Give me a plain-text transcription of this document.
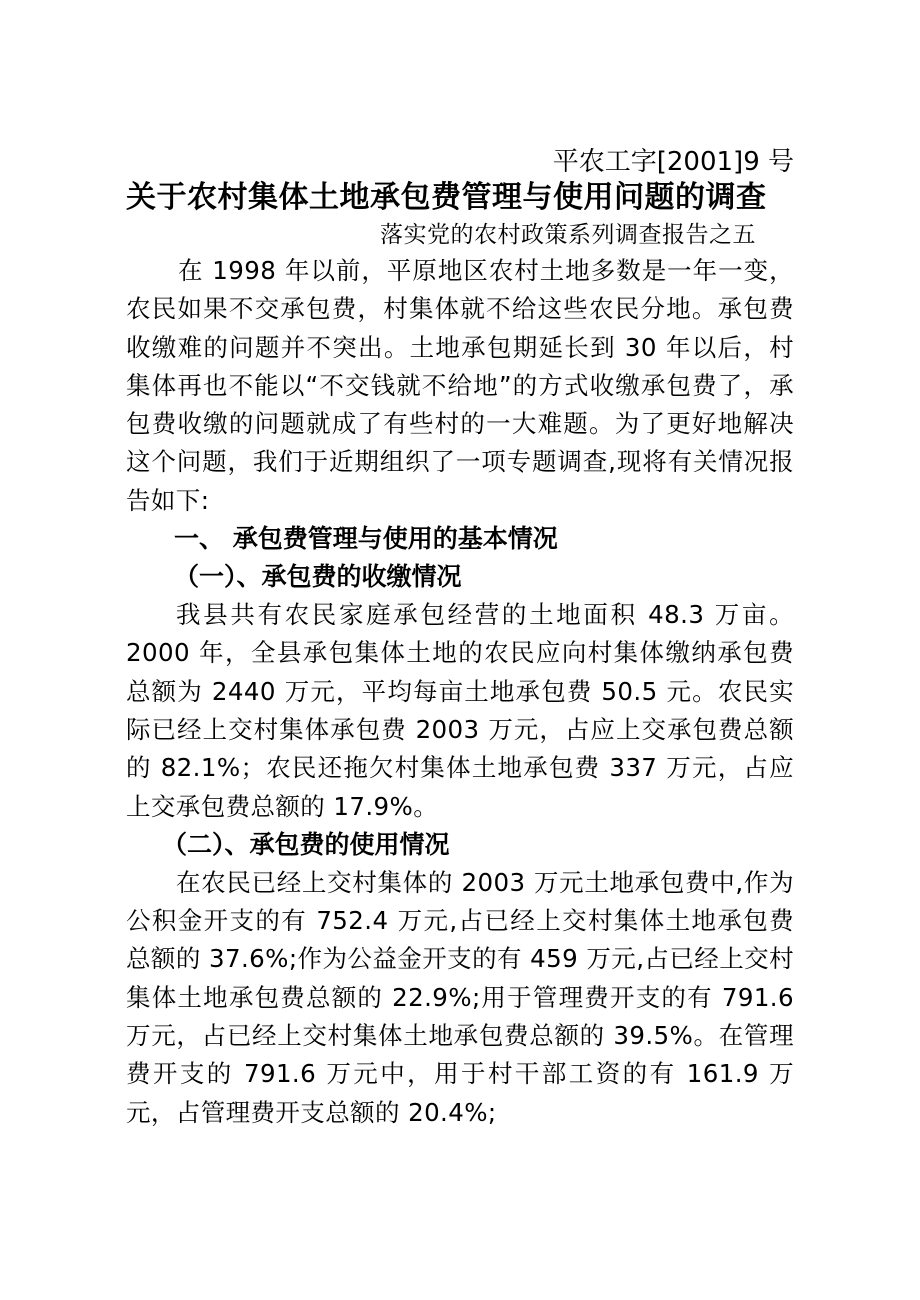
平农工字[2001]9 号

关于农村集体土地承包费管理与使用问题的调查

落实党的农村政策系列调查报告之五

在 1998 年以前，平原地区农村土地多数是一年一变，农民如果不交承包费，村集体就不给这些农民分地。承包费收缴难的问题并不突出。土地承包期延长到 30 年以后，村集体再也不能以“不交钱就不给地”的方式收缴承包费了，承包费收缴的问题就成了有些村的一大难题。为了更好地解决这个问题，我们于近期组织了一项专题调查,现将有关情况报告如下:

一、 承包费管理与使用的基本情况

（一）、承包费的收缴情况

我县共有农民家庭承包经营的土地面积 48.3 万亩。2000 年，全县承包集体土地的农民应向村集体缴纳承包费总额为 2440 万元，平均每亩土地承包费 50.5 元。农民实际已经上交村集体承包费 2003 万元，占应上交承包费总额的 82.1%；农民还拖欠村集体土地承包费 337 万元，占应上交承包费总额的 17.9%。

（二）、承包费的使用情况

在农民已经上交村集体的 2003 万元土地承包费中,作为公积金开支的有 752.4 万元,占已经上交村集体土地承包费总额的 37.6%;作为公益金开支的有 459 万元,占已经上交村集体土地承包费总额的 22.9%;用于管理费开支的有 791.6 万元，占已经上交村集体土地承包费总额的 39.5%。在管理费开支的 791.6 万元中，用于村干部工资的有 161.9 万元，占管理费开支总额的 20.4%;
